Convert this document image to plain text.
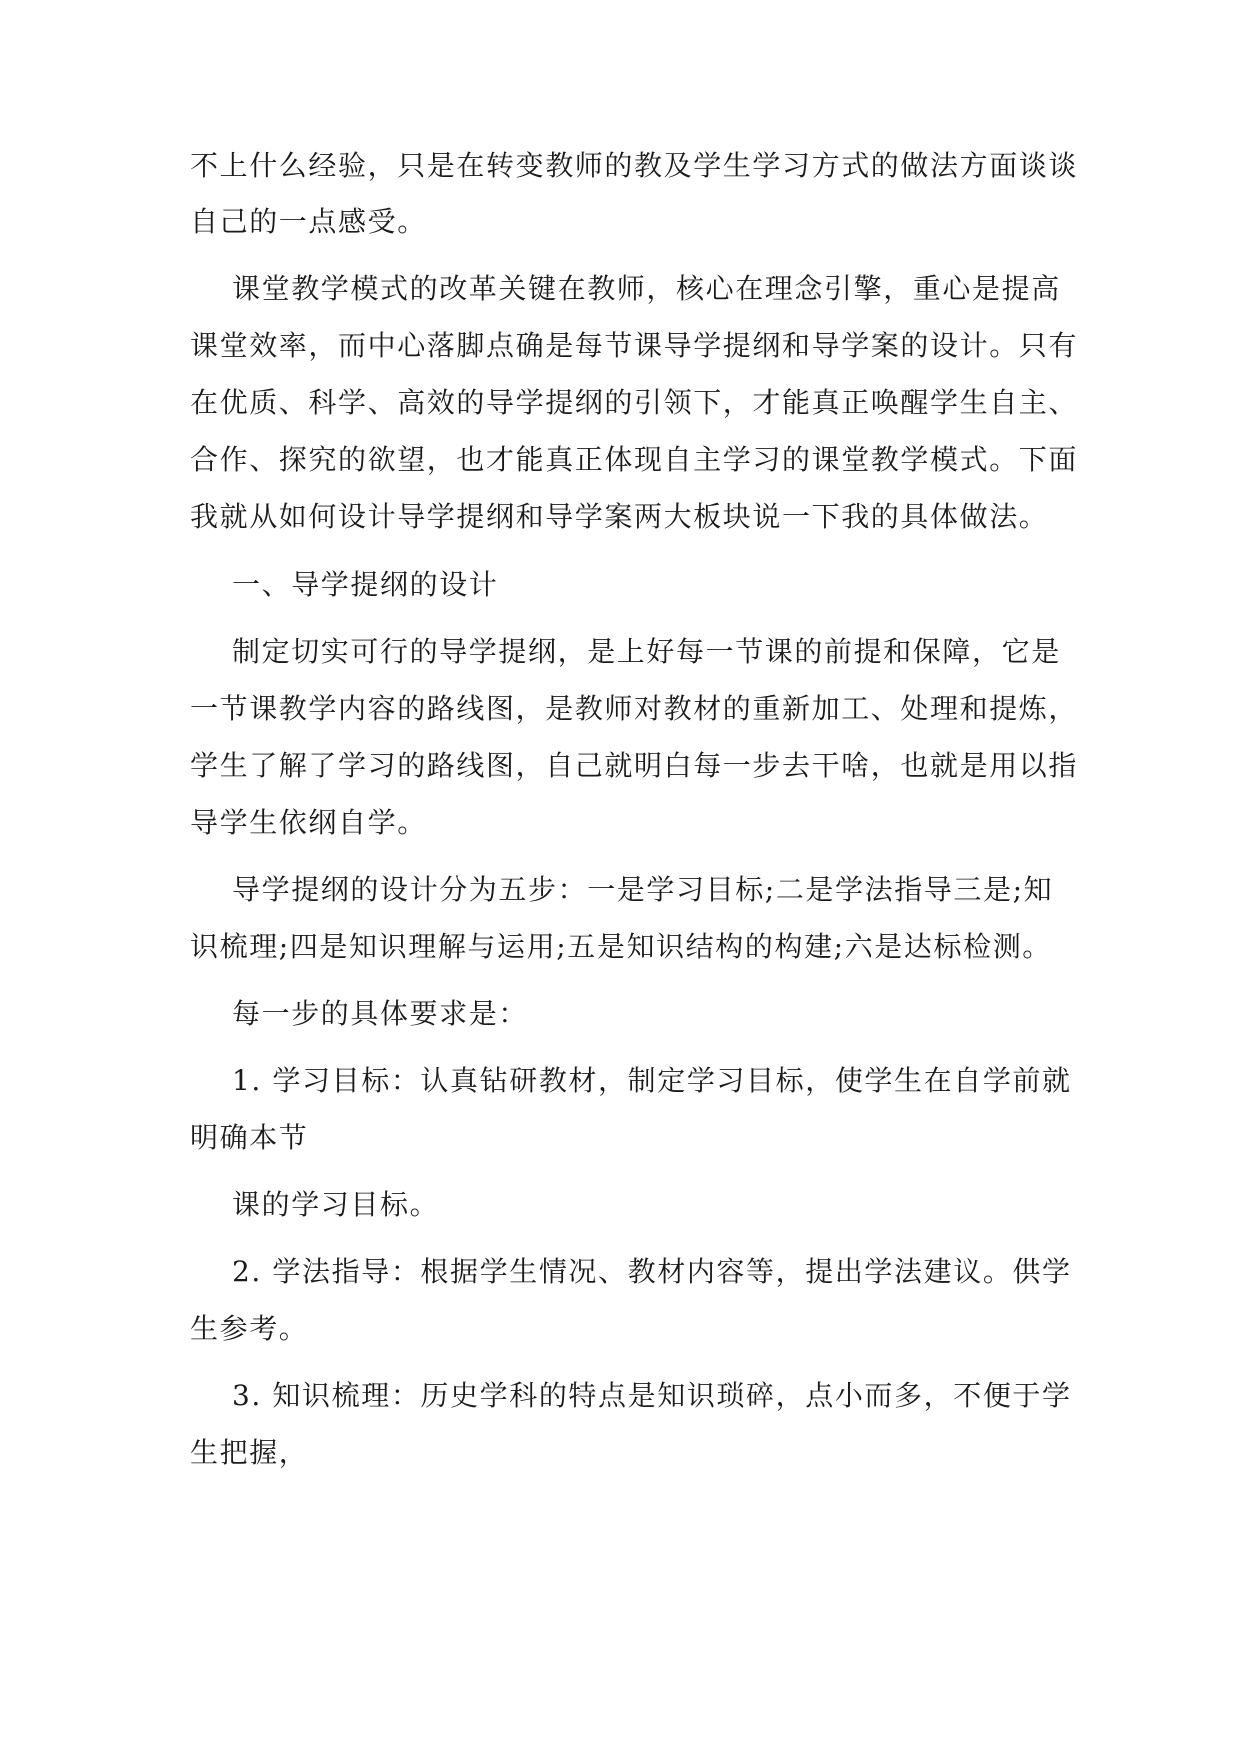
不上什么经验，只是在转变教师的教及学生学习方式的做法方面谈谈
自己的一点感受。
课堂教学模式的改革关键在教师，核心在理念引擎，重心是提高
课堂效率，而中心落脚点确是每节课导学提纲和导学案的设计。只有
在优质、科学、高效的导学提纲的引领下，才能真正唤醒学生自主、
合作、探究的欲望，也才能真正体现自主学习的课堂教学模式。下面
我就从如何设计导学提纲和导学案两大板块说一下我的具体做法。
一、导学提纲的设计
制定切实可行的导学提纲，是上好每一节课的前提和保障，它是
一节课教学内容的路线图，是教师对教材的重新加工、处理和提炼，
学生了解了学习的路线图，自己就明白每一步去干啥，也就是用以指
导学生依纲自学。
导学提纲的设计分为五步：一是学习目标;二是学法指导三是;知
识梳理;四是知识理解与运用;五是知识结构的构建;六是达标检测。
每一步的具体要求是：
1. 学习目标：认真钻研教材，制定学习目标，使学生在自学前就
明确本节
课的学习目标。
2. 学法指导：根据学生情况、教材内容等，提出学法建议。供学
生参考。
3. 知识梳理：历史学科的特点是知识琐碎，点小而多，不便于学
生把握，
